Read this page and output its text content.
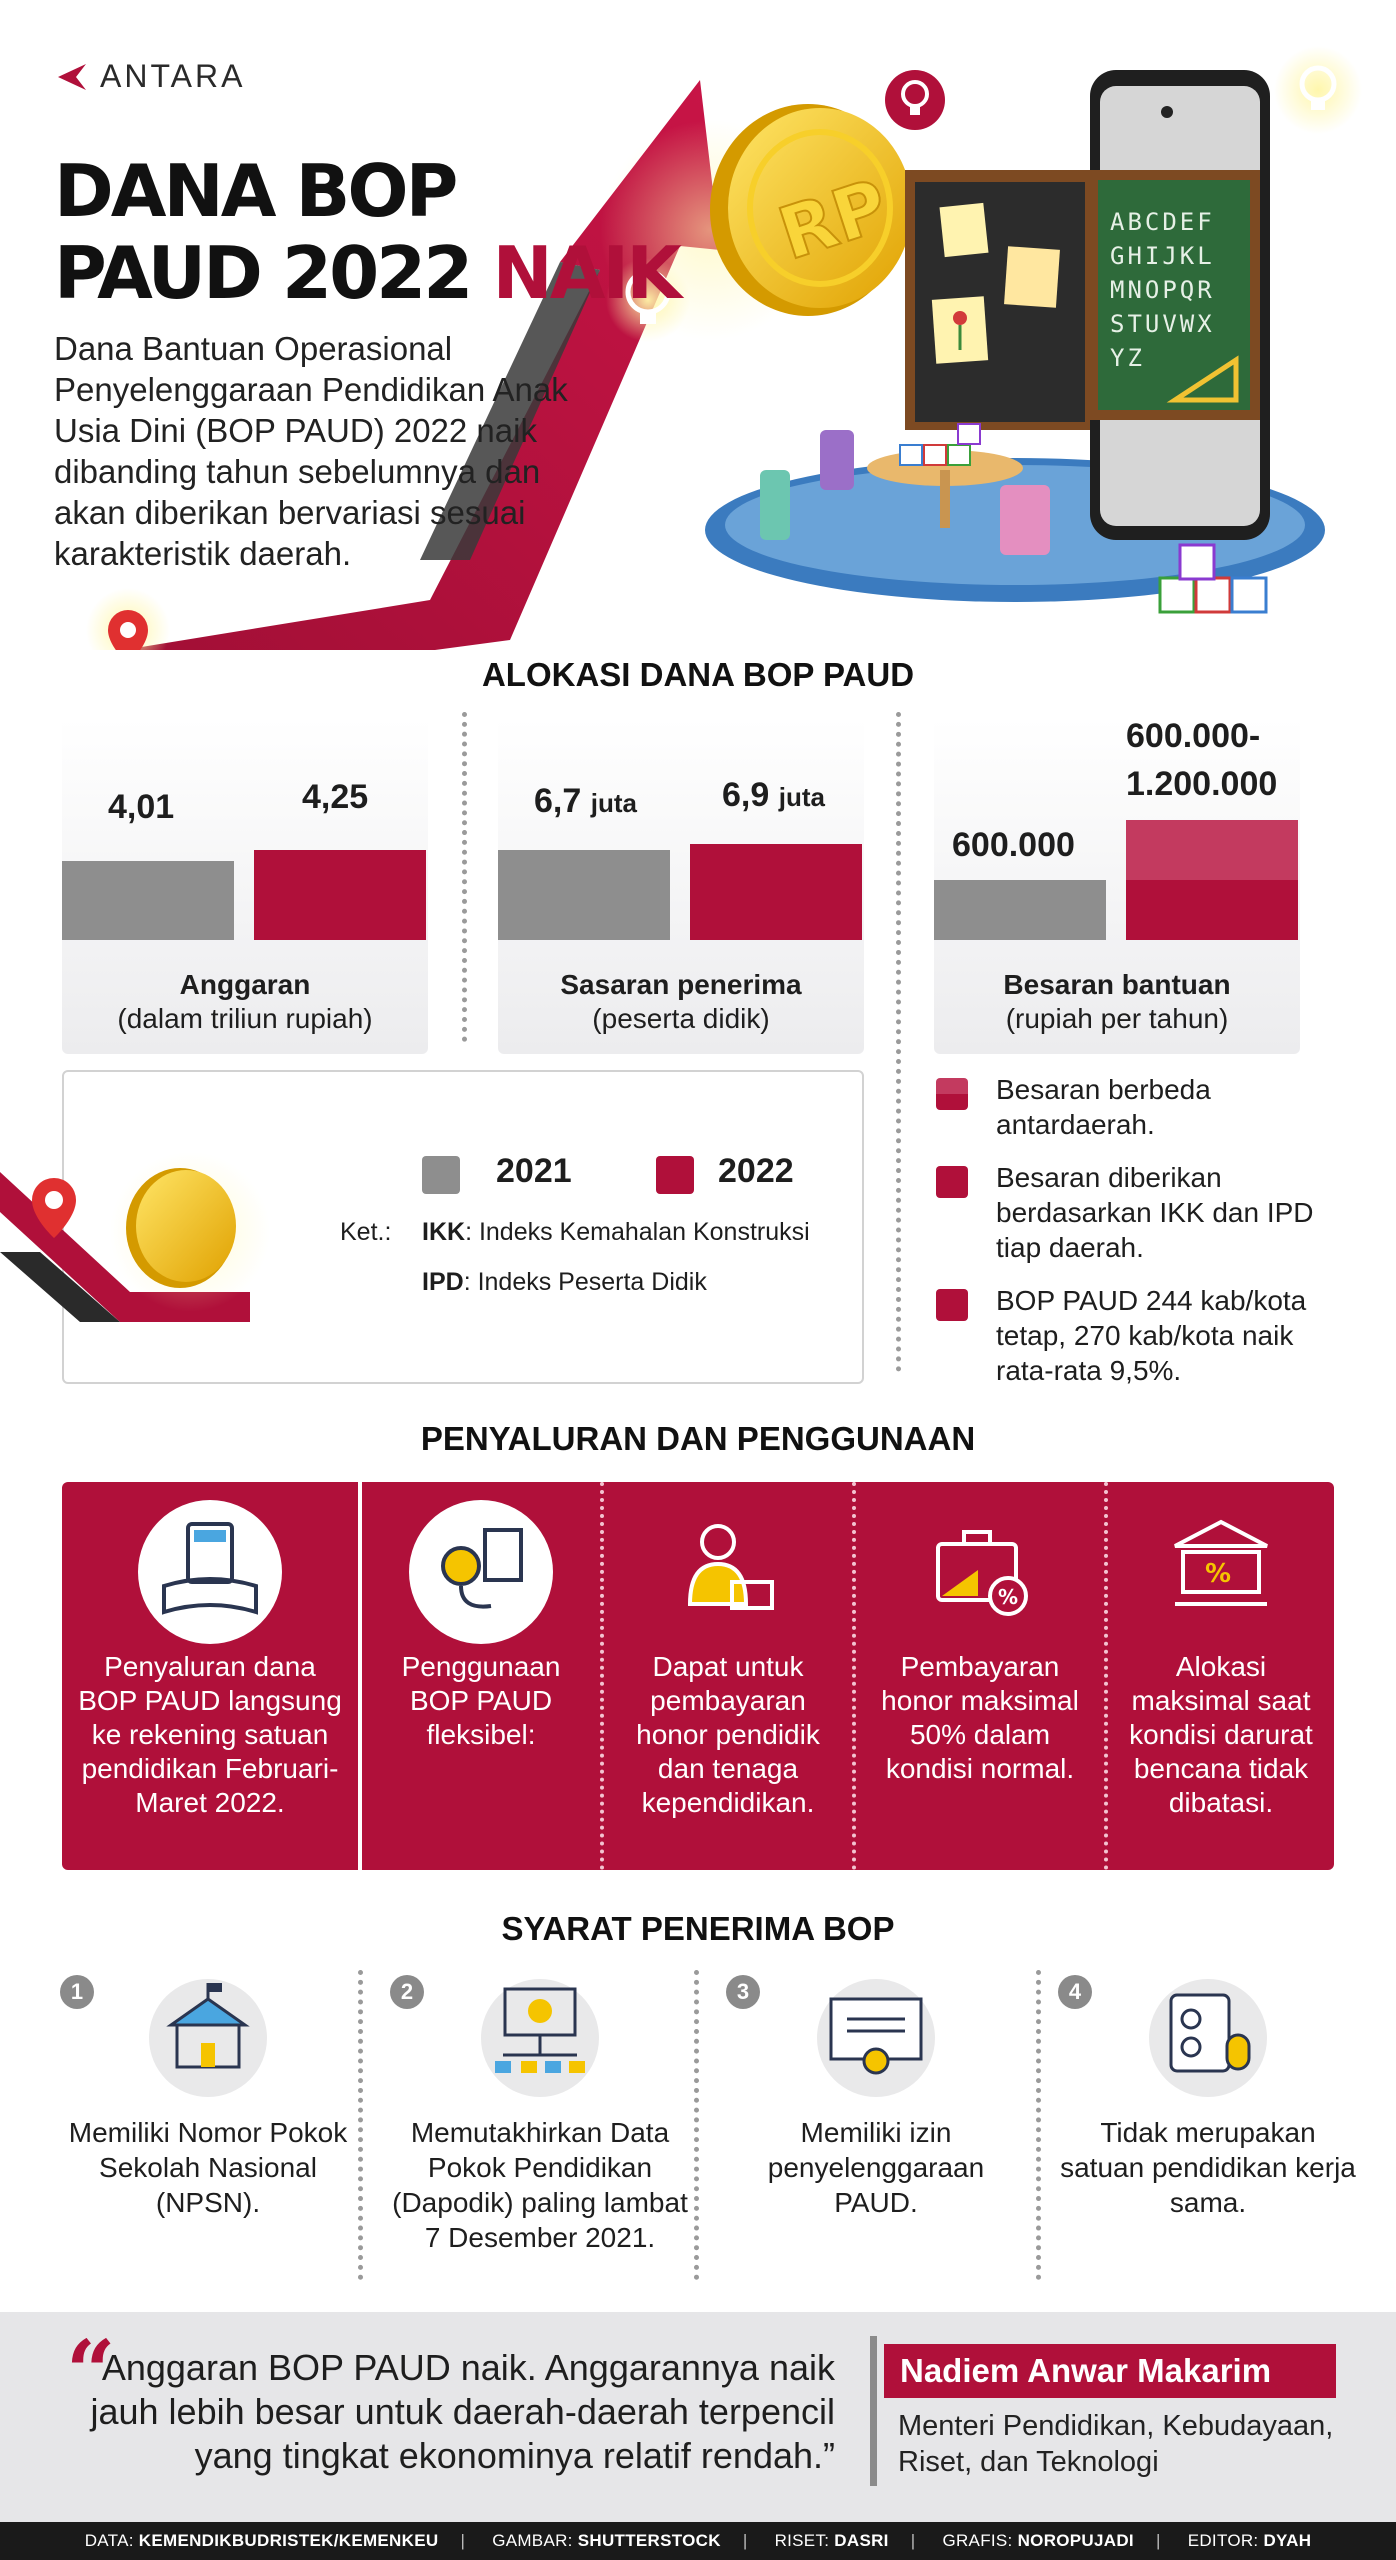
RP	ABCDEF
GHIJKL
MNOPQR
STUVWX
YZ
ANTARA
DANA BOP
PAUD 2022 NAIK

Dana Bantuan Operasional Penyelenggaraan Pendidikan Anak Usia Dini (BOP PAUD) 2022 naik dibanding tahun sebelumnya dan akan diberikan bervariasi sesuai karakteristik daerah.

ALOKASI DANA BOP PAUD
4,01	4,25
Anggaran
(dalam triliun rupiah)
6,7 juta	6,9 juta
Sasaran penerima
(peserta didik)
600.000
600.000-
1.200.000
Besaran bantuan
(rupiah per tahun)
2021	2022
Ket.: IKK: Indeks Kemahalan Konstruksi
IPD: Indeks Peserta Didik
Besaran berbeda antardaerah.
Besaran diberikan berdasarkan IKK dan IPD tiap daerah.
BOP PAUD 244 kab/kota tetap, 270 kab/kota naik rata-rata 9,5%.
PENYALURAN DAN PENGGUNAAN
Penyaluran dana BOP PAUD langsung ke rekening satuan pendidikan Februari-Maret 2022.
Penggunaan BOP PAUD fleksibel:
Dapat untuk pembayaran honor pendidik dan tenaga kependidikan.
%
Pembayaran honor maksimal 50% dalam kondisi normal.
%
Alokasi maksimal saat kondisi darurat bencana tidak dibatasi.
SYARAT PENERIMA BOP
1
Memiliki Nomor Pokok Sekolah Nasional (NPSN).
2
Memutakhirkan Data Pokok Pendidikan (Dapodik) paling lambat 7 Desember 2021.
3
Memiliki izin penyelenggaraan PAUD.
4
Tidak merupakan satuan pendidikan kerja sama.
“

Anggaran BOP PAUD naik. Anggarannya naik jauh lebih besar untuk daerah-daerah terpencil yang tingkat ekonominya relatif rendah.”

Nadiem Anwar Makarim
Menteri Pendidikan, Kebudayaan, Riset, dan Teknologi
DATA: KEMENDIKBUDRISTEK/KEMENKEU | GAMBAR: SHUTTERSTOCK | RISET: DASRI | GRAFIS: NOROPUJADI | EDITOR: DYAH
